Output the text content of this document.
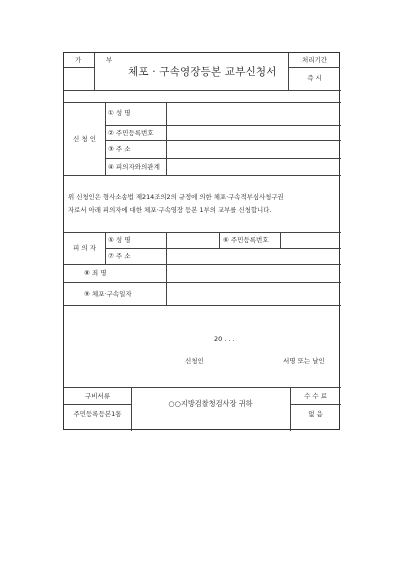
가	부
체포 · 구속영장등본 교부신청서
처리기간
즉 시
신 청 인
① 성 명
② 주민등록번호
③ 주 소
④ 피의자와의관계
위 신청인은 형사소송법 제214조의2의 규정에 의한 체포·구속적부심사청구권
자로서 아래 피의자에 대한 체포·구속영장 등본 1부의 교부를 신청합니다.
피 의 자
⑤ 성 명	⑥ 주민등록번호
⑦ 주 소
⑧ 죄 명
⑨ 체포·구속일자
20 . . .
신청인	서명 또는 날인
구비서류
주민등록등본1통
○○지방검찰청검사장 귀하
수 수 료
없 음
